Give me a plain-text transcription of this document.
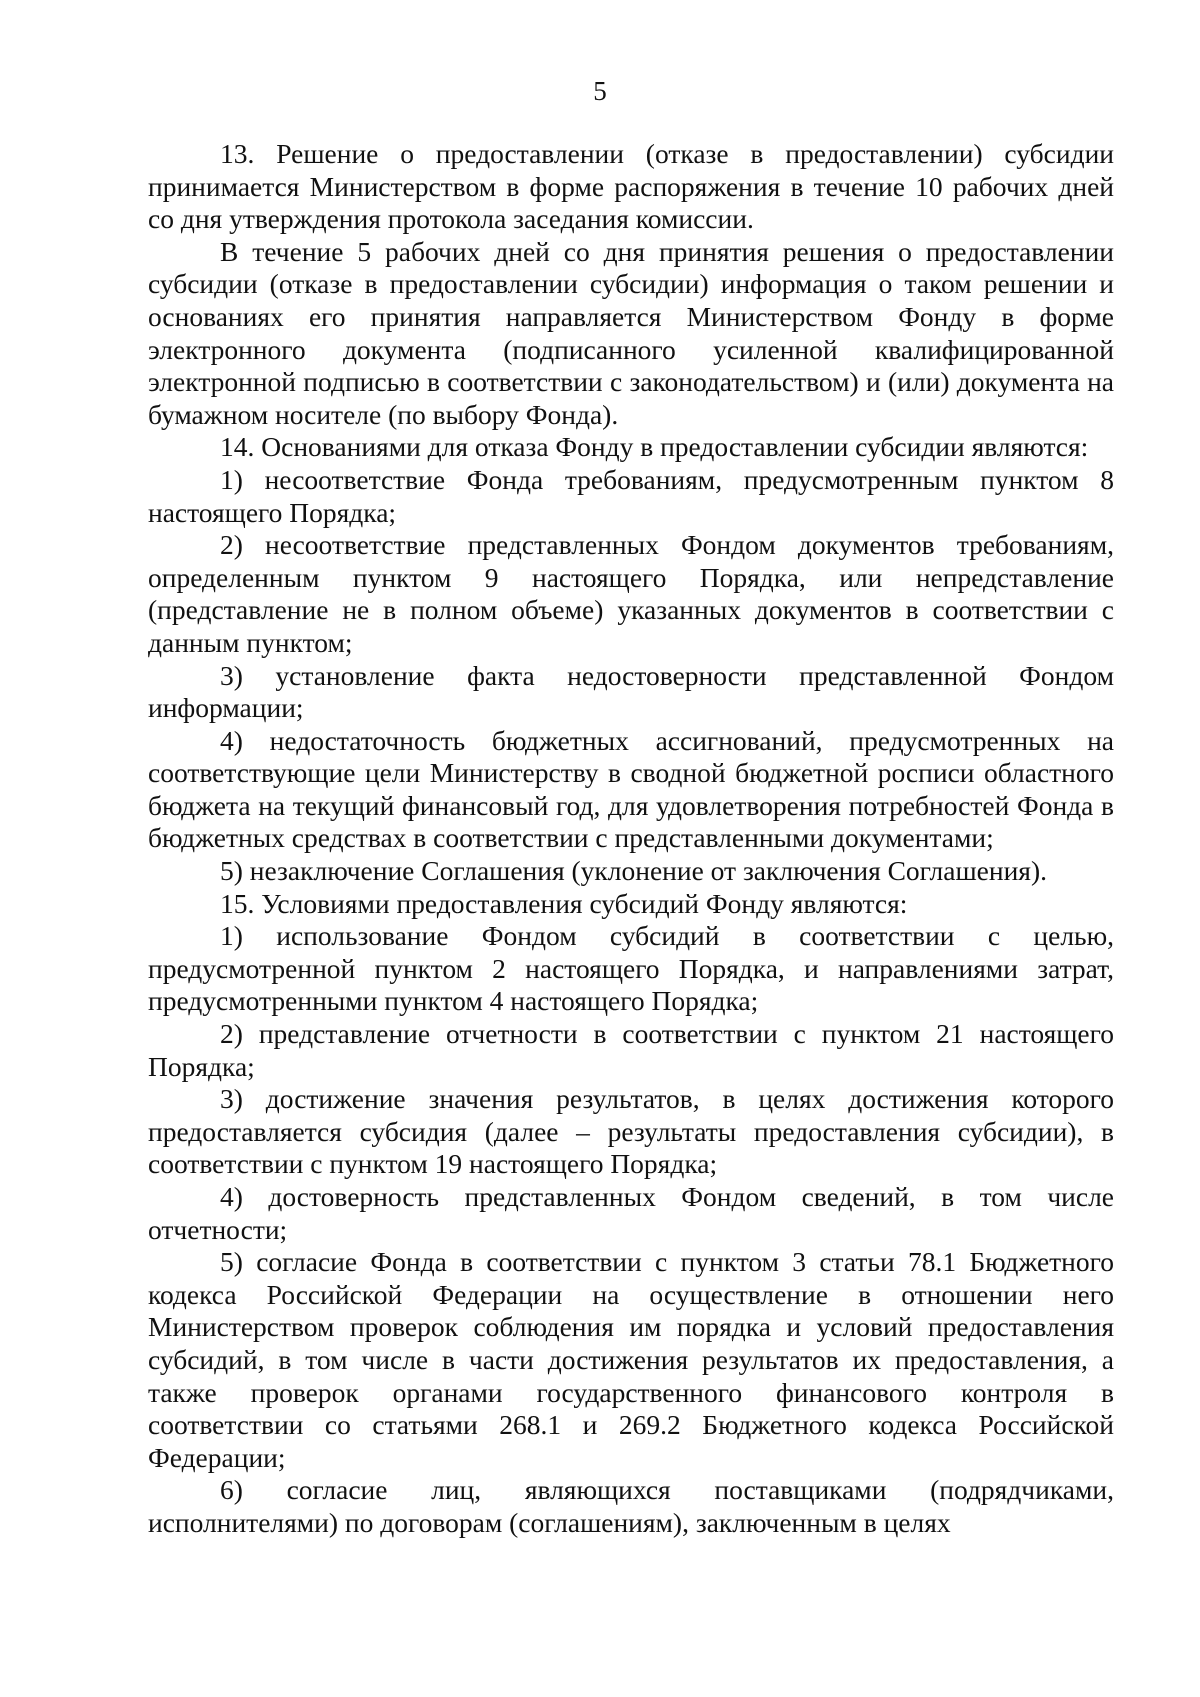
5

13. Решение о предоставлении (отказе в предоставлении) субсидии принимается Министерством в форме распоряжения в течение 10 рабочих дней со дня утверждения протокола заседания комиссии.

В течение 5 рабочих дней со дня принятия решения о предоставлении субсидии (отказе в предоставлении субсидии) информация о таком решении и основаниях его принятия направляется Министерством Фонду в форме электронного документа (подписанного усиленной квалифицированной электронной подписью в соответствии с законодательством) и (или) документа на бумажном носителе (по выбору Фонда).

14. Основаниями для отказа Фонду в предоставлении субсидии являются:

1) несоответствие Фонда требованиям, предусмотренным пунктом 8 настоящего Порядка;

2) несоответствие представленных Фондом документов требованиям, определенным пунктом 9 настоящего Порядка, или непредставление (представление не в полном объеме) указанных документов в соответствии с данным пунктом;

3) установление факта недостоверности представленной Фондом информации;

4) недостаточность бюджетных ассигнований, предусмотренных на соответствующие цели Министерству в сводной бюджетной росписи областного бюджета на текущий финансовый год, для удовлетворения потребностей Фонда в бюджетных средствах в соответствии с представленными документами;

5) незаключение Соглашения (уклонение от заключения Соглашения).

15. Условиями предоставления субсидий Фонду являются:

1) использование Фондом субсидий в соответствии с целью, предусмотренной пунктом 2 настоящего Порядка, и направлениями затрат, предусмотренными пунктом 4 настоящего Порядка;

2) представление отчетности в соответствии с пунктом 21 настоящего Порядка;

3) достижение значения результатов, в целях достижения которого предоставляется субсидия (далее – результаты предоставления субсидии), в соответствии с пунктом 19 настоящего Порядка;

4) достоверность представленных Фондом сведений, в том числе отчетности;

5) согласие Фонда в соответствии с пунктом 3 статьи 78.1 Бюджетного кодекса Российской Федерации на осуществление в отношении него Министерством проверок соблюдения им порядка и условий предоставления субсидий, в том числе в части достижения результатов их предоставления, а также проверок органами государственного финансового контроля в соответствии со статьями 268.1 и 269.2 Бюджетного кодекса Российской Федерации;

6) согласие лиц, являющихся поставщиками (подрядчиками, исполнителями) по договорам (соглашениям), заключенным в целях
